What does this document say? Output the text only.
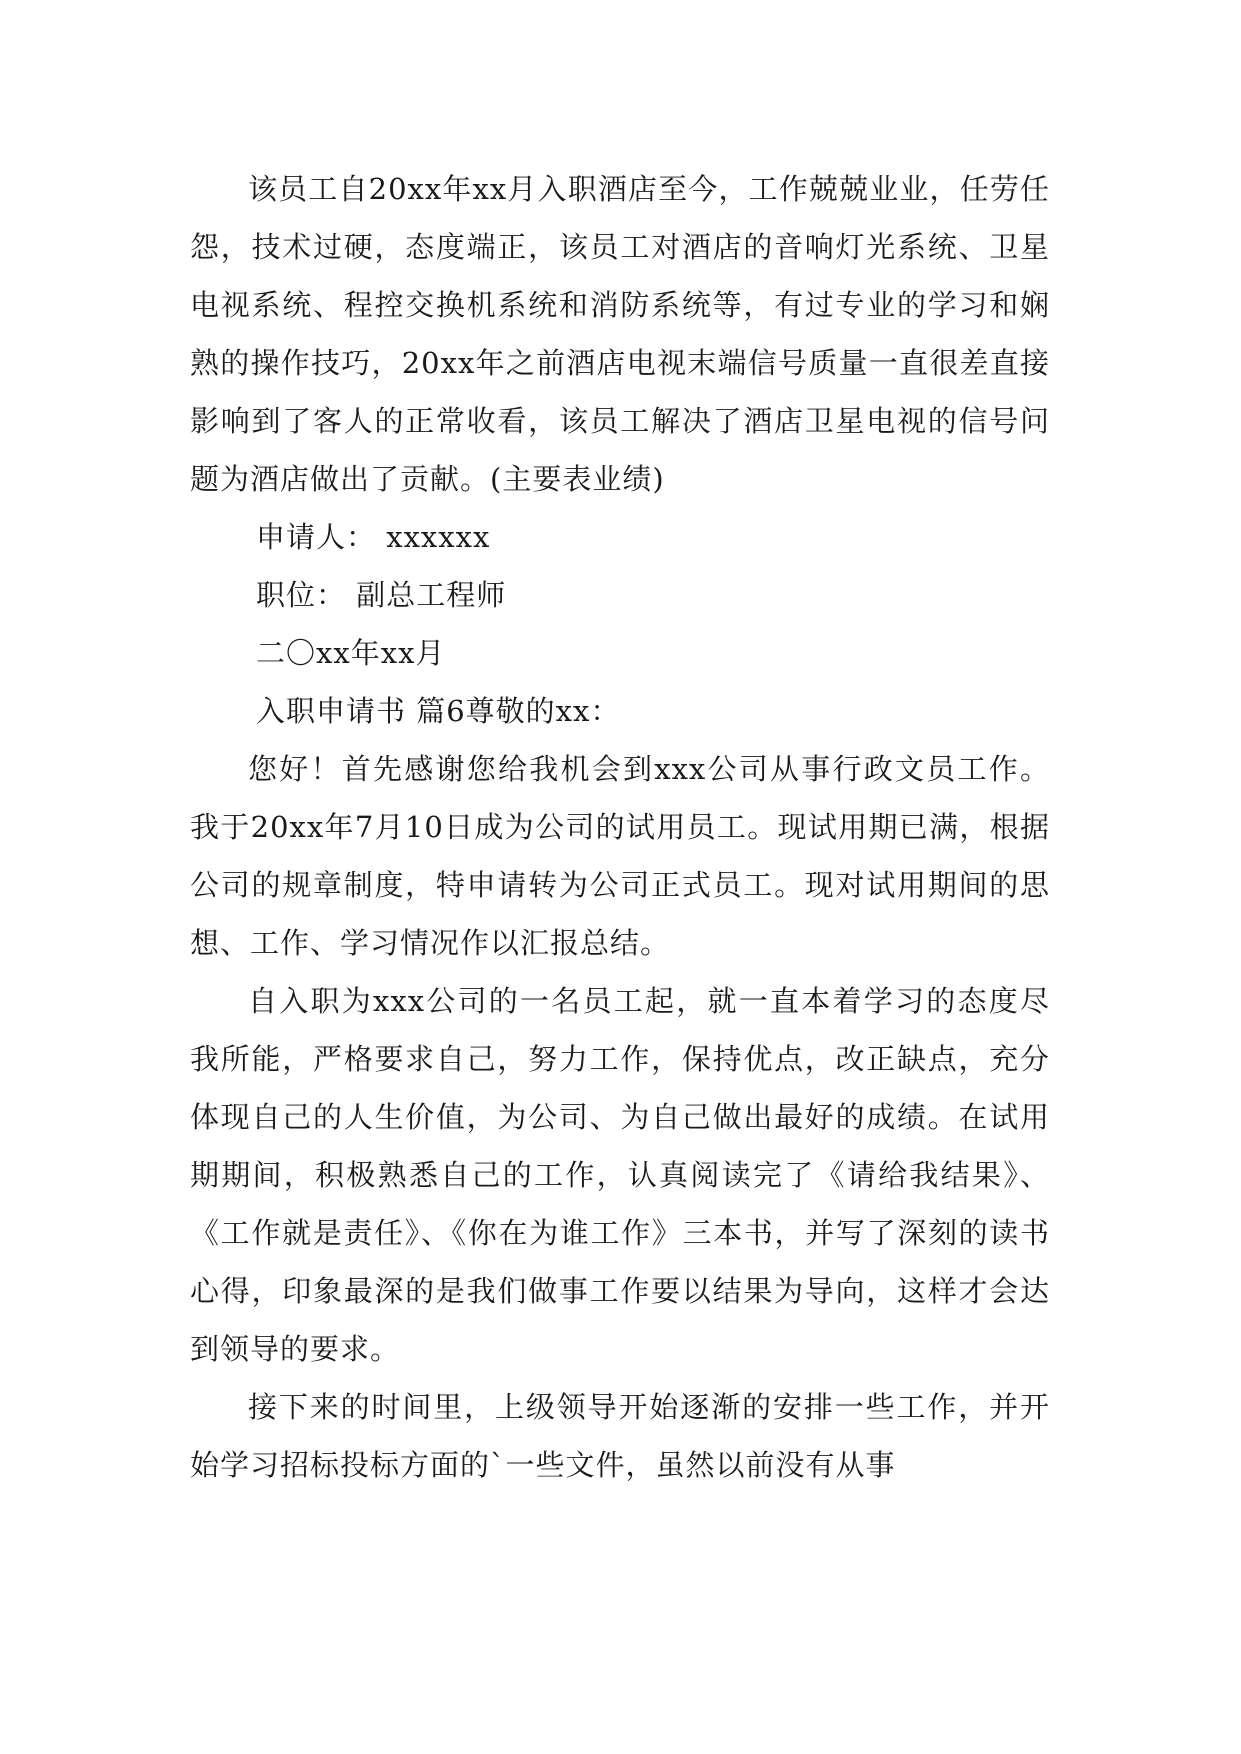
该员工自20xx年xx月入职酒店至今，工作兢兢业业，任劳任怨，技术过硬，态度端正，该员工对酒店的音响灯光系统、卫星电视系统、程控交换机系统和消防系统等，有过专业的学习和娴熟的操作技巧，20xx年之前酒店电视末端信号质量一直很差直接影响到了客人的正常收看，该员工解决了酒店卫星电视的信号问题为酒店做出了贡献。(主要表业绩)

申请人： xxxxxx

职位： 副总工程师

二〇xx年xx月

入职申请书 篇6尊敬的xx：

您好！首先感谢您给我机会到xxx公司从事行政文员工作。我于20xx年7月10日成为公司的试用员工。现试用期已满，根据公司的规章制度，特申请转为公司正式员工。现对试用期间的思想、工作、学习情况作以汇报总结。

自入职为xxx公司的一名员工起，就一直本着学习的态度尽我所能，严格要求自己，努力工作，保持优点，改正缺点，充分体现自己的人生价值，为公司、为自己做出最好的成绩。在试用期期间，积极熟悉自己的工作，认真阅读完了《请给我结果》、《工作就是责任》、《你在为谁工作》三本书，并写了深刻的读书心得，印象最深的是我们做事工作要以结果为导向，这样才会达到领导的要求。

接下来的时间里，上级领导开始逐渐的安排一些工作，并开始学习招标投标方面的`一些文件，虽然以前没有从事
